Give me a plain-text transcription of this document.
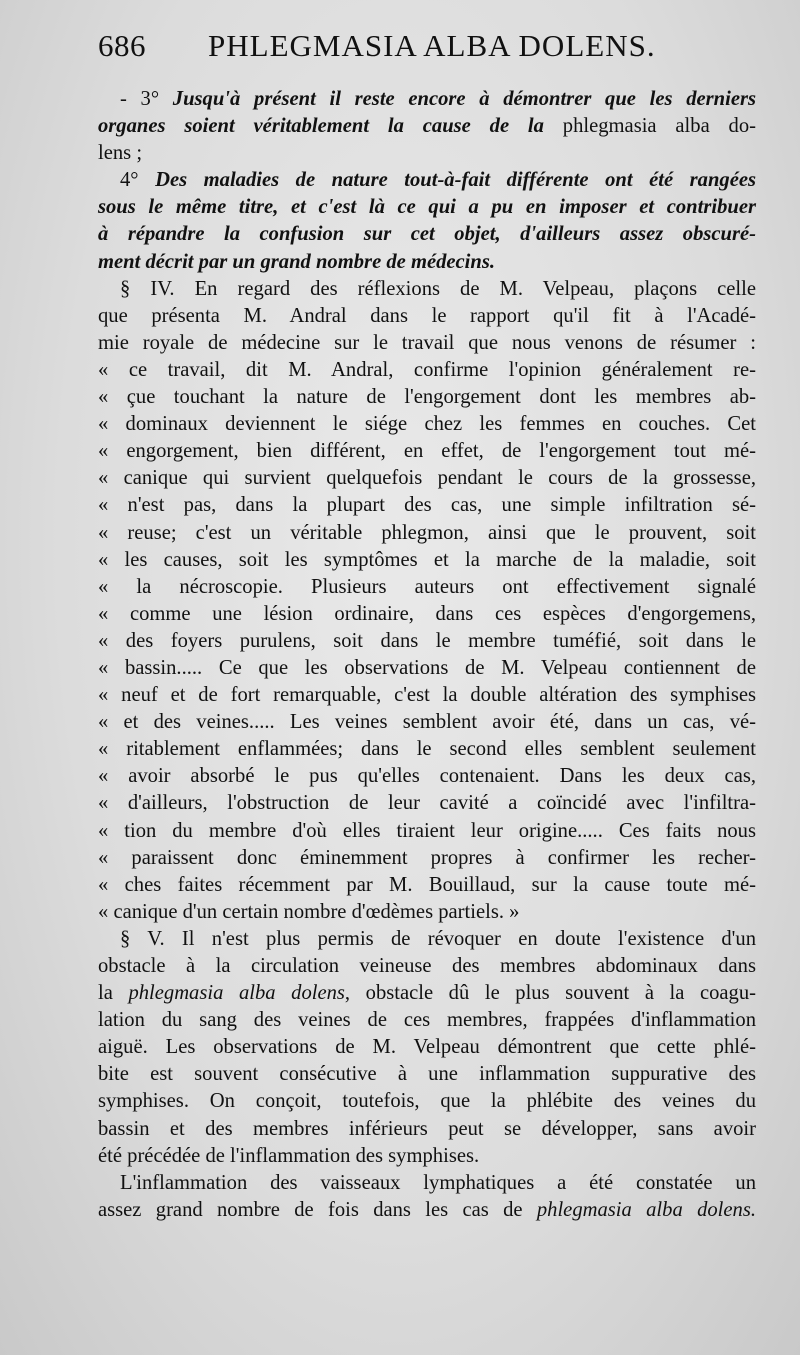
686	PHLEGMASIA ALBA DOLENS.
- 3° Jusqu'à présent il reste encore à démontrer que les derniers
organes soient véritablement la cause de la phlegmasia alba do-
lens ;
4° Des maladies de nature tout-à-fait différente ont été rangées
sous le même titre, et c'est là ce qui a pu en imposer et contribuer
à répandre la confusion sur cet objet, d'ailleurs assez obscuré-
ment décrit par un grand nombre de médecins.
§ IV. En regard des réflexions de M. Velpeau, plaçons celle
que présenta M. Andral dans le rapport qu'il fit à l'Acadé-
mie royale de médecine sur le travail que nous venons de résumer :
« ce travail, dit M. Andral, confirme l'opinion généralement re-
« çue touchant la nature de l'engorgement dont les membres ab-
« dominaux deviennent le siége chez les femmes en couches. Cet
« engorgement, bien différent, en effet, de l'engorgement tout mé-
« canique qui survient quelquefois pendant le cours de la grossesse,
« n'est pas, dans la plupart des cas, une simple infiltration sé-
« reuse; c'est un véritable phlegmon, ainsi que le prouvent, soit
« les causes, soit les symptômes et la marche de la maladie, soit
« la nécroscopie. Plusieurs auteurs ont effectivement signalé
« comme une lésion ordinaire, dans ces espèces d'engorgemens,
« des foyers purulens, soit dans le membre tuméfié, soit dans le
« bassin..... Ce que les observations de M. Velpeau contiennent de
« neuf et de fort remarquable, c'est la double altération des symphises
« et des veines..... Les veines semblent avoir été, dans un cas, vé-
« ritablement enflammées; dans le second elles semblent seulement
« avoir absorbé le pus qu'elles contenaient. Dans les deux cas,
« d'ailleurs, l'obstruction de leur cavité a coïncidé avec l'infiltra-
« tion du membre d'où elles tiraient leur origine..... Ces faits nous
« paraissent donc éminemment propres à confirmer les recher-
« ches faites récemment par M. Bouillaud, sur la cause toute mé-
« canique d'un certain nombre d'œdèmes partiels. »
§ V. Il n'est plus permis de révoquer en doute l'existence d'un
obstacle à la circulation veineuse des membres abdominaux dans
la phlegmasia alba dolens, obstacle dû le plus souvent à la coagu-
lation du sang des veines de ces membres, frappées d'inflammation
aiguë. Les observations de M. Velpeau démontrent que cette phlé-
bite est souvent consécutive à une inflammation suppurative des
symphises. On conçoit, toutefois, que la phlébite des veines du
bassin et des membres inférieurs peut se développer, sans avoir
été précédée de l'inflammation des symphises.
L'inflammation des vaisseaux lymphatiques a été constatée un
assez grand nombre de fois dans les cas de phlegmasia alba dolens.
